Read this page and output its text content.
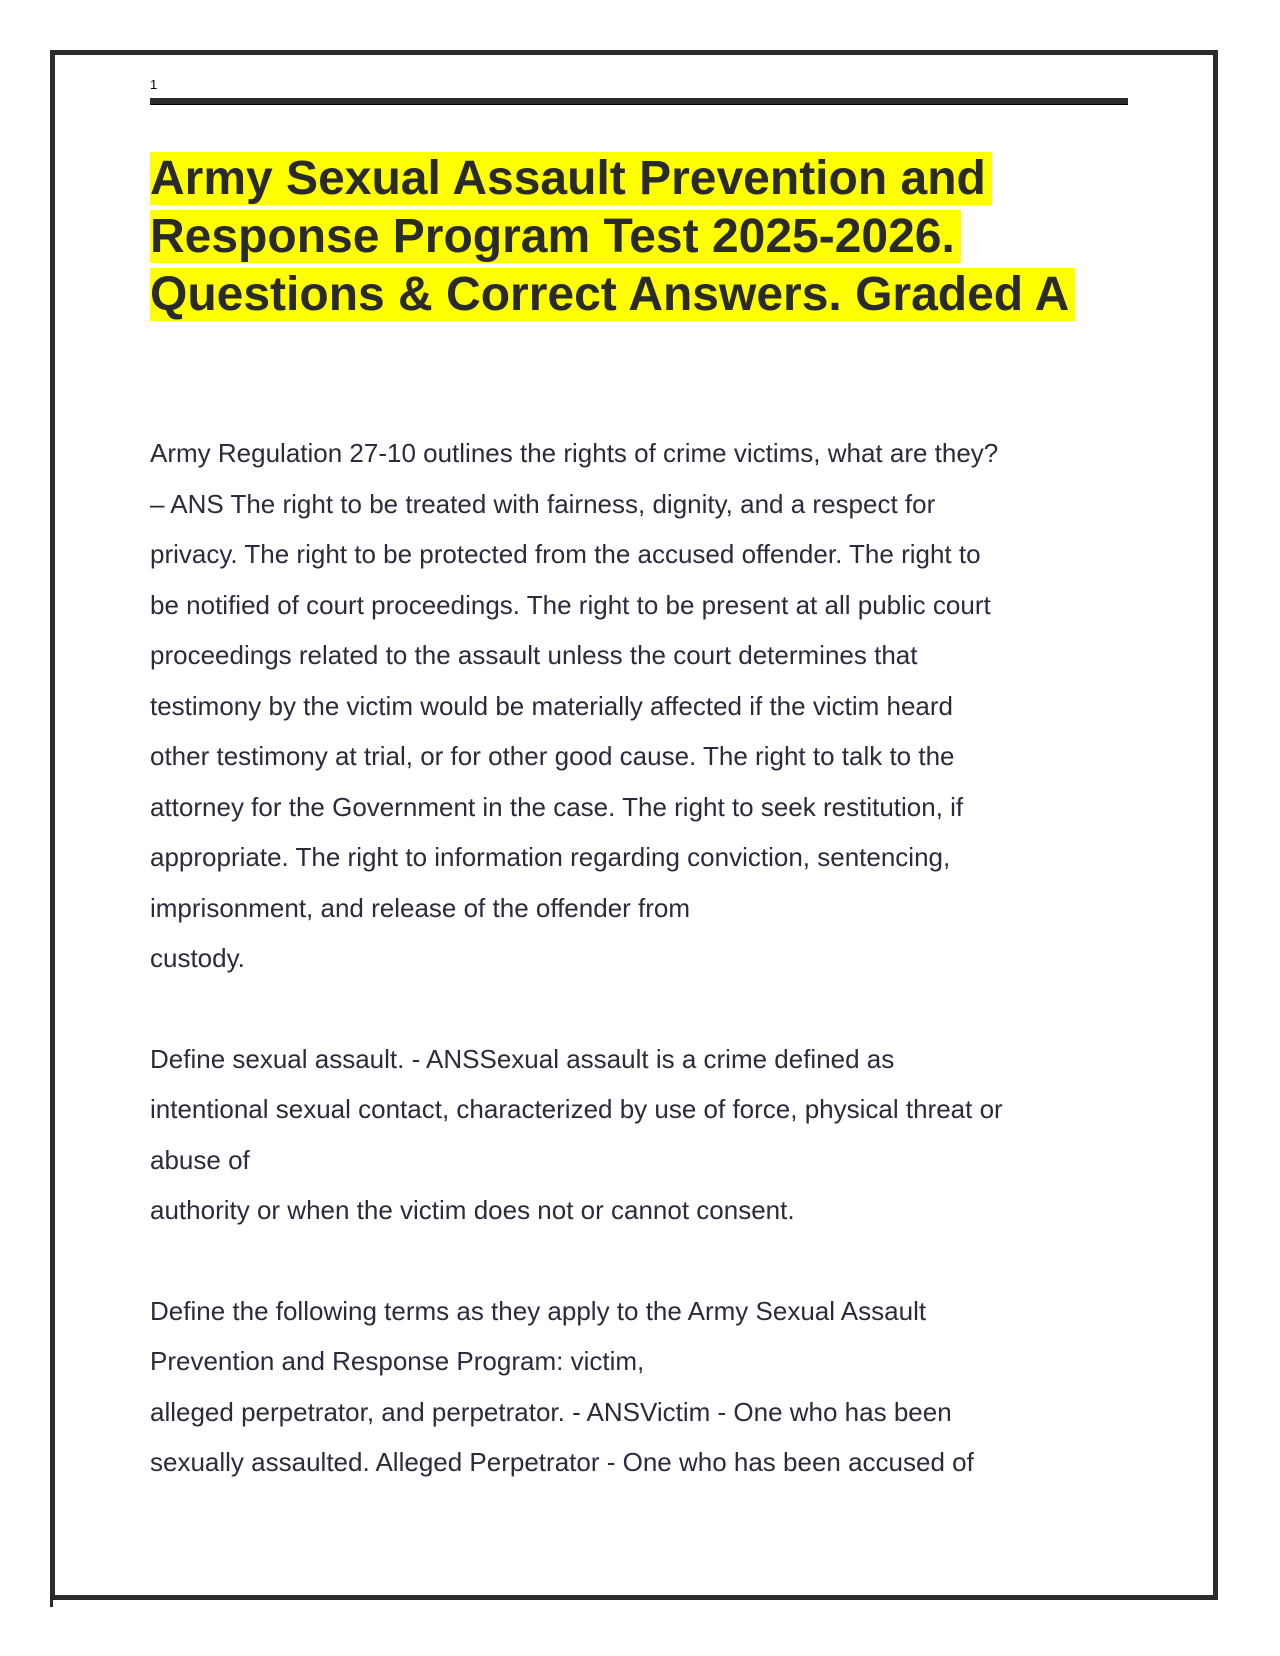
1
Army Sexual Assault Prevention and
Response Program Test 2025-2026.
Questions & Correct Answers. Graded A
Army Regulation 27-10 outlines the rights of crime victims, what are they?
– ANS The right to be treated with fairness, dignity, and a respect for
privacy. The right to be protected from the accused offender. The right to
be notified of court proceedings. The right to be present at all public court
proceedings related to the assault unless the court determines that
testimony by the victim would be materially affected if the victim heard
other testimony at trial, or for other good cause. The right to talk to the
attorney for the Government in the case. The right to seek restitution, if
appropriate. The right to information regarding conviction, sentencing,
imprisonment, and release of the offender from
custody.
Define sexual assault. - ANSSexual assault is a crime defined as
intentional sexual contact, characterized by use of force, physical threat or
abuse of
authority or when the victim does not or cannot consent.
Define the following terms as they apply to the Army Sexual Assault
Prevention and Response Program: victim,
alleged perpetrator, and perpetrator. - ANSVictim - One who has been
sexually assaulted. Alleged Perpetrator - One who has been accused of
